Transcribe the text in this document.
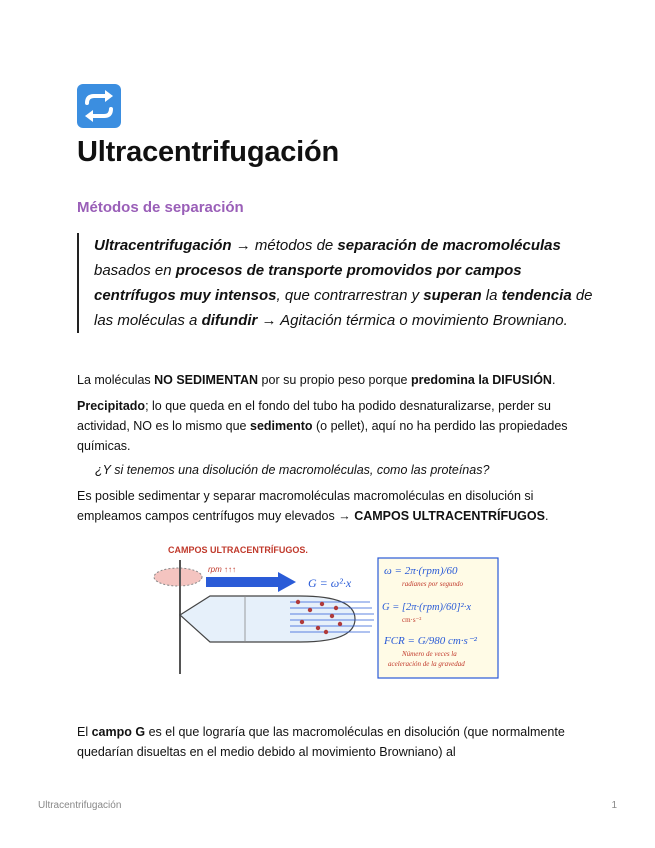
Ultracentrifugación
Métodos de separación
Ultracentrifugación → métodos de separación de macromoléculas basados en procesos de transporte promovidos por campos centrífugos muy intensos, que contrarrestran y superan la tendencia de las moléculas a difundir → Agitación térmica o movimiento Browniano.
La moléculas NO SEDIMENTAN por su propio peso porque predomina la DIFUSIÓN.
Precipitado; lo que queda en el fondo del tubo ha podido desnaturalizarse, perder su actividad, NO es lo mismo que sedimento (o pellet), aquí no ha perdido las propiedades químicas.
¿Y si tenemos una disolución de macromoléculas, como las proteínas?
Es posible sedimentar y separar macromoléculas macromoléculas en disolución si empleamos campos centrífugos muy elevados → CAMPOS ULTRACENTRÍFUGOS.
CAMPOS ULTRACENTRÍFUGOS.
rpm ↑↑↑
G = ω²·x
ω = 2π·(rpm)/60
radianes por segundo
G = [2π·(rpm)/60]²·x
cm·s⁻²
FCR = G/980 cm·s⁻²
Número de veces la
aceleración de la gravedad
El campo G es el que lograría que las macromoléculas en disolución (que normalmente quedarían disueltas en el medio debido al movimiento Browniano) al
Ultracentrifugación	1
